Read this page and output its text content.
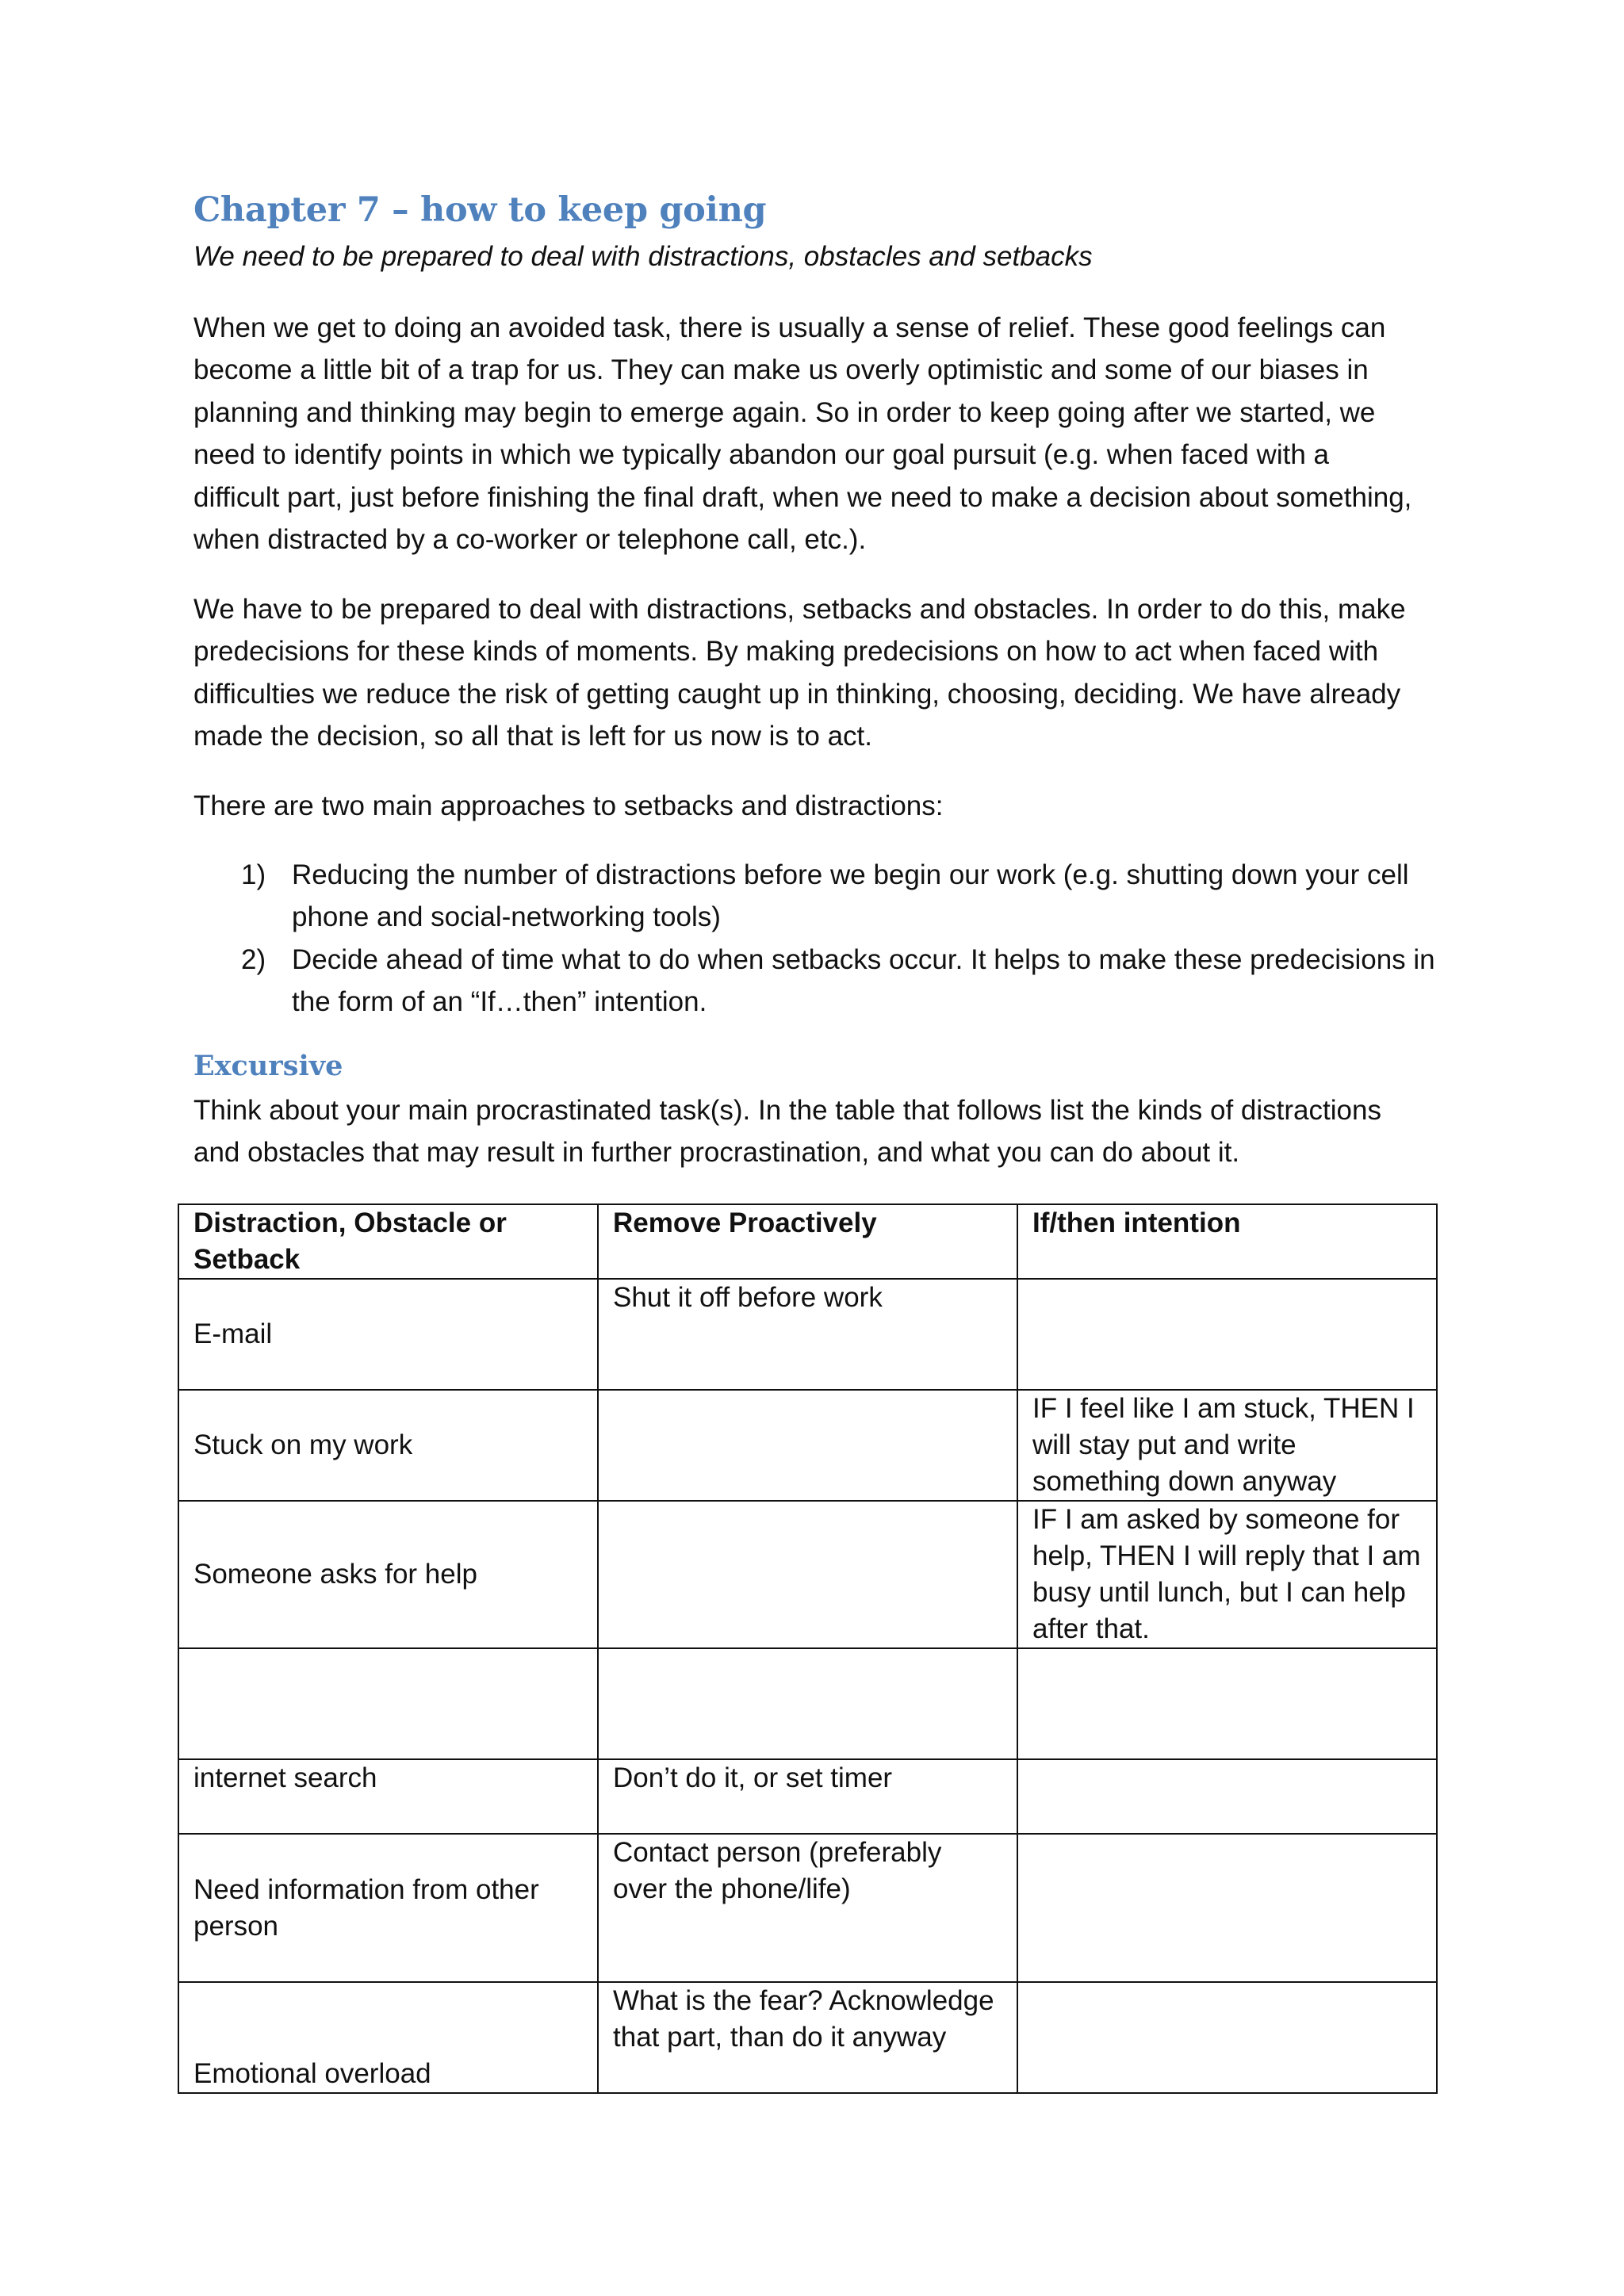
Chapter 7 – how to keep going

We need to be prepared to deal with distractions, obstacles and setbacks

When we get to doing an avoided task, there is usually a sense of relief. These good feelings can
become a little bit of a trap for us. They can make us overly optimistic and some of our biases in
planning and thinking may begin to emerge again. So in order to keep going after we started, we
need to identify points in which we typically abandon our goal pursuit (e.g. when faced with a
difficult part, just before finishing the final draft, when we need to make a decision about something,
when distracted by a co-worker or telephone call, etc.).

We have to be prepared to deal with distractions, setbacks and obstacles. In order to do this, make
predecisions for these kinds of moments. By making predecisions on how to act when faced with
difficulties we reduce the risk of getting caught up in thinking, choosing, deciding. We have already
made the decision, so all that is left for us now is to act.

There are two main approaches to setbacks and distractions:

1) Reducing the number of distractions before we begin our work (e.g. shutting down your cell
phone and social-networking tools)
2) Decide ahead of time what to do when setbacks occur. It helps to make these predecisions in
the form of an “If…then” intention.
Excursive

Think about your main procrastinated task(s). In the table that follows list the kinds of distractions
and obstacles that may result in further procrastination, and what you can do about it.

Distraction, Obstacle or Setback	Remove Proactively	If/then intention
E-mail	Shut it off before work	
Stuck on my work		IF I feel like I am stuck, THEN I will stay put and write something down anyway
Someone asks for help		IF I am asked by someone for help, THEN I will reply that I am busy until lunch, but I can help after that.

internet search	Don’t do it, or set timer	
Need information from other person	Contact person (preferably over the phone/life)	
Emotional overload	What is the fear? Acknowledge that part, than do it anyway	
